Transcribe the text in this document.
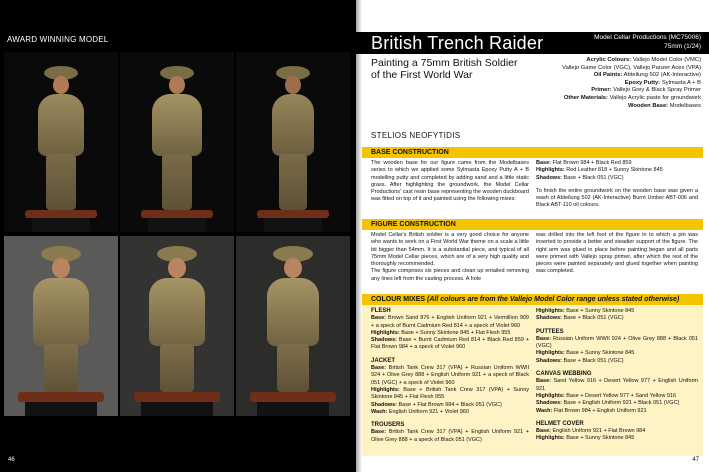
AWARD WINNING MODEL
46
British Trench Raider	Model Cellar Productions (MC75006)
75mm (1/24)
Painting a 75mm British Soldier
of the First World War
Acrylic Colours: Vallejo Model Color (VMC)
Vallejo Game Color (VGC), Vallejo Panzer Aces (VPA)
Oil Paints: Abteilung 502 (AK-Interactive)
Epoxy Putty: Sylmasta A + B
Primer: Vallejo Grey & Black Spray Primer
Other Materials: Vallejo Acrylic paste for groundwork
Wooden Base: Modelbases
STELIOS NEOFYTIDIS
BASE CONSTRUCTION

The wooden base for our figure came from the Modelbases series to which we applied some Sylmasta Epoxy Putty A + B modelling putty and completed by adding sand and a little static grass. After highlighting the groundwork, the Model Cellar Productions' cast resin base representing the wooden duckboard was fitted on top of it and painted using the following mixes:

Base: Flat Brown 984 + Black Red 859
Highlights: Red Leather 818 + Sunny Skintone 845
Shadows: Base + Black 051 (VGC)

To finish the entire groundwork on the wooden base was given a wash of Abteilung 502 (AK-Interactive) Burnt Umber ABT-006 and Black ABT-110 oil colours.

FIGURE CONSTRUCTION

Model Cellar's British soldier is a very good choice for anyone who wants to work on a First World War theme on a scale a little bit bigger than 54mm. It is a substantial piece, and typical of all 75mm Model Cellar pieces, which are of a very high quality and thoroughly recommended.

The figure comprises six pieces and clean up entailed removing any lines left from the casting process. A hole

was drilled into the left foot of the figure in to which a pin was inserted to provide a better and steadier support of the figure. The right arm was glued in place before painting began and all parts were primed with Vallejo spray primer, after which the rest of the pieces were painted separately and glued together when painting was completed.

COLOUR MIXES (All colours are from the Vallejo Model Color range unless stated otherwise)
FLESH
Base: Brown Sand 876 + English Uniform 921 + Vermillion 909 + a speck of Burnt Cadmium Red 814 + a speck of Violet 960
Highlights: Base + Sunny Skintone 845 + Flat Flesh 955
Shadows: Base + Burnt Cadmium Red 814 + Black Red 859 + Flat Brown 984 + a speck of Violet 960
JACKET
Base: British Tank Crew 317 (VPA) + Russian Uniform WWII 924 + Olive Grey 888 + English Uniform 921 + a speck of Black 051 (VGC) + a speck of Violet 960
Highlights: Base + British Tank Crew 317 (VPA) + Sunny Skintone 845 + Flat Flesh 955
Shadows: Base + Flat Brown 984 + Black 051 (VGC)
Wash: English Uniform 921 + Violet 960
TROUSERS
Base: British Tank Crew 317 (VPA) + English Uniform 921 + Olive Grey 888 + a speck of Black 051 (VGC)
Highlights: Base + Sunny Skintone 845
Shadows: Base + Black 051 (VGC)
PUTTEES
Base: Russian Uniform WWII 924 + Olive Grey 888 + Black 051 (VGC)
Highlights: Base + Sunny Skintone 845
Shadows: Base + Black 051 (VGC)
CANVAS WEBBING
Base: Sand Yellow 916 + Desert Yellow 977 + English Uniform 921
Highlights: Base + Desert Yellow 977 + Sand Yellow 916
Shadows: Base + English Uniform 921 + Black 051 (VGC)
Wash: Flat Brown 984 + English Uniform 921
HELMET COVER
Base: English Uniform 921 + Flat Brown 984
Highlights: Base + Sunny Skintone 845
47
